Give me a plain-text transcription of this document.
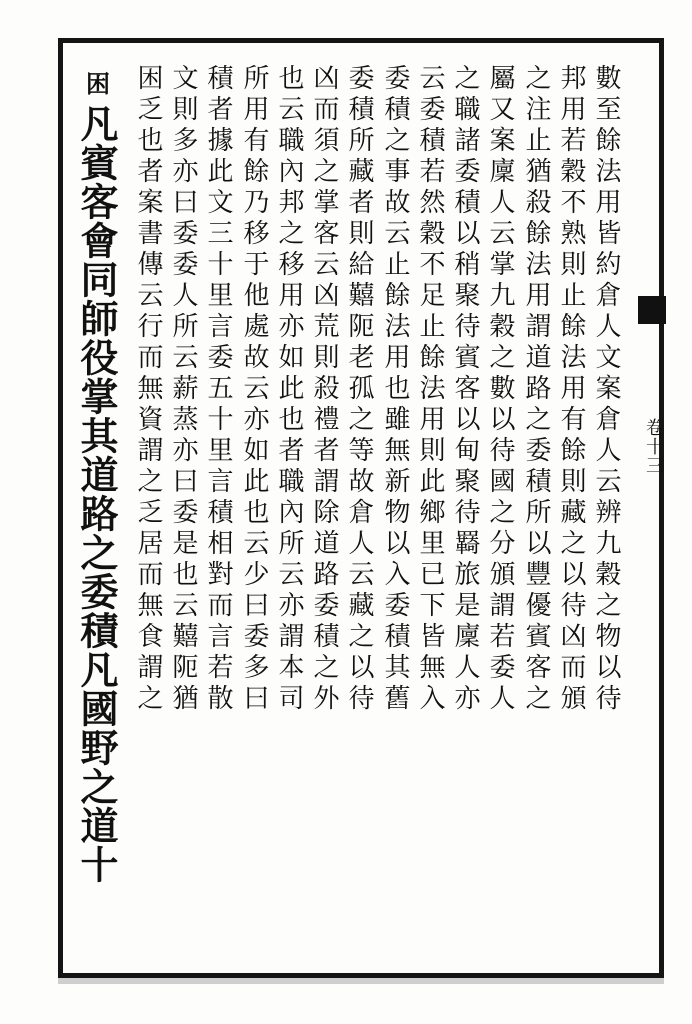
卷十三
數至餘法用皆約倉人文案倉人云辨九穀之物以待
邦用若穀不熟則止餘法用有餘則藏之以待凶而頒
之注止猶殺餘法用謂道路之委積所以豐優賓客之
屬又案廩人云掌九穀之數以待國之分頒謂若委人
之職諸委積以稍聚待賓客以甸聚待羇旅是廩人亦
云委積若然穀不足止餘法用則此鄉里已下皆無入
委積之事故云止餘法用也雖無新物以入委積其舊
委積所藏者則給囏阨老孤之等故倉人云藏之以待
凶而須之掌客云凶荒則殺禮者謂除道路委積之外
也云職內邦之移用亦如此也者職內所云亦謂本司
所用有餘乃移于他處故云亦如此也云少曰委多曰
積者據此文三十里言委五十里言積相對而言若散
文則多亦曰委委人所云薪蒸亦曰委是也云囏阨猶
困乏也者案書傳云行而無資謂之乏居而無食謂之
困
凡賓客會同師役掌其道路之委積凡國野之道十
